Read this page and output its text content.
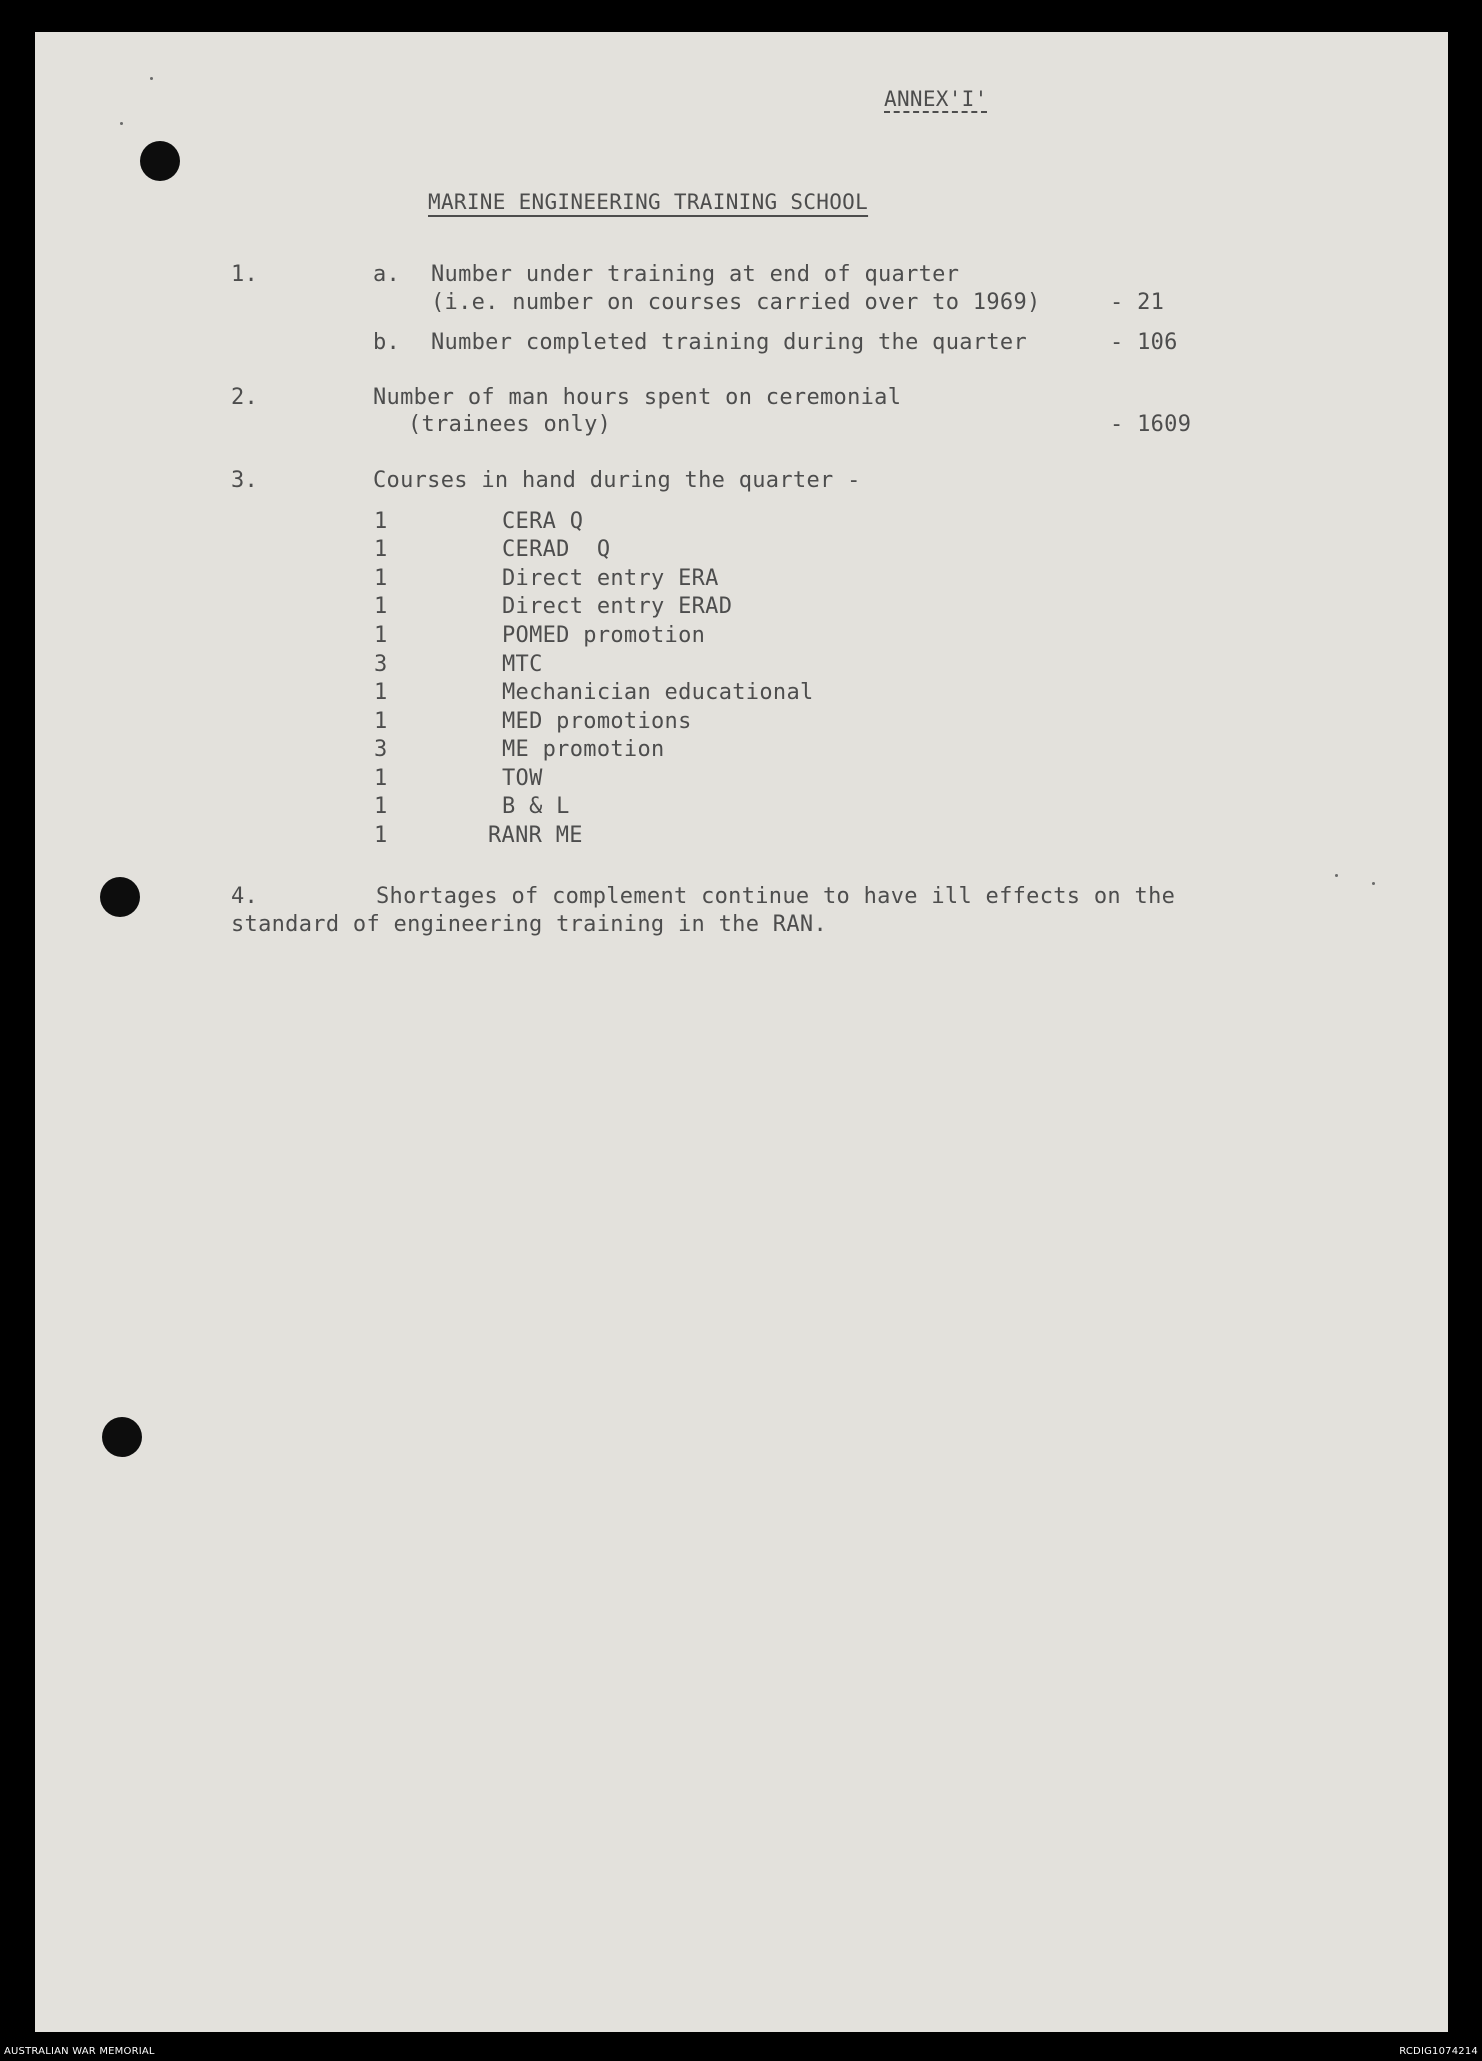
ANNEX'I'
MARINE ENGINEERING TRAINING SCHOOL
1.	a. Number under training at end of quarter
(i.e. number on courses carried over to 1969)	- 21
b. Number completed training during the quarter	- 106
2.	Number of man hours spent on ceremonial
(trainees only)	- 1609
3.	Courses in hand during the quarter -
1	CERA Q
1	CERAD  Q
1	Direct entry ERA
1	Direct entry ERAD
1	POMED promotion
3	MTC
1	Mechanician educational
1	MED promotions
3	ME promotion
1	TOW
1	B & L
1	RANR ME
4.	Shortages of complement continue to have ill effects on the
standard of engineering training in the RAN.
AUSTRALIAN WAR MEMORIAL	RCDIG1074214
